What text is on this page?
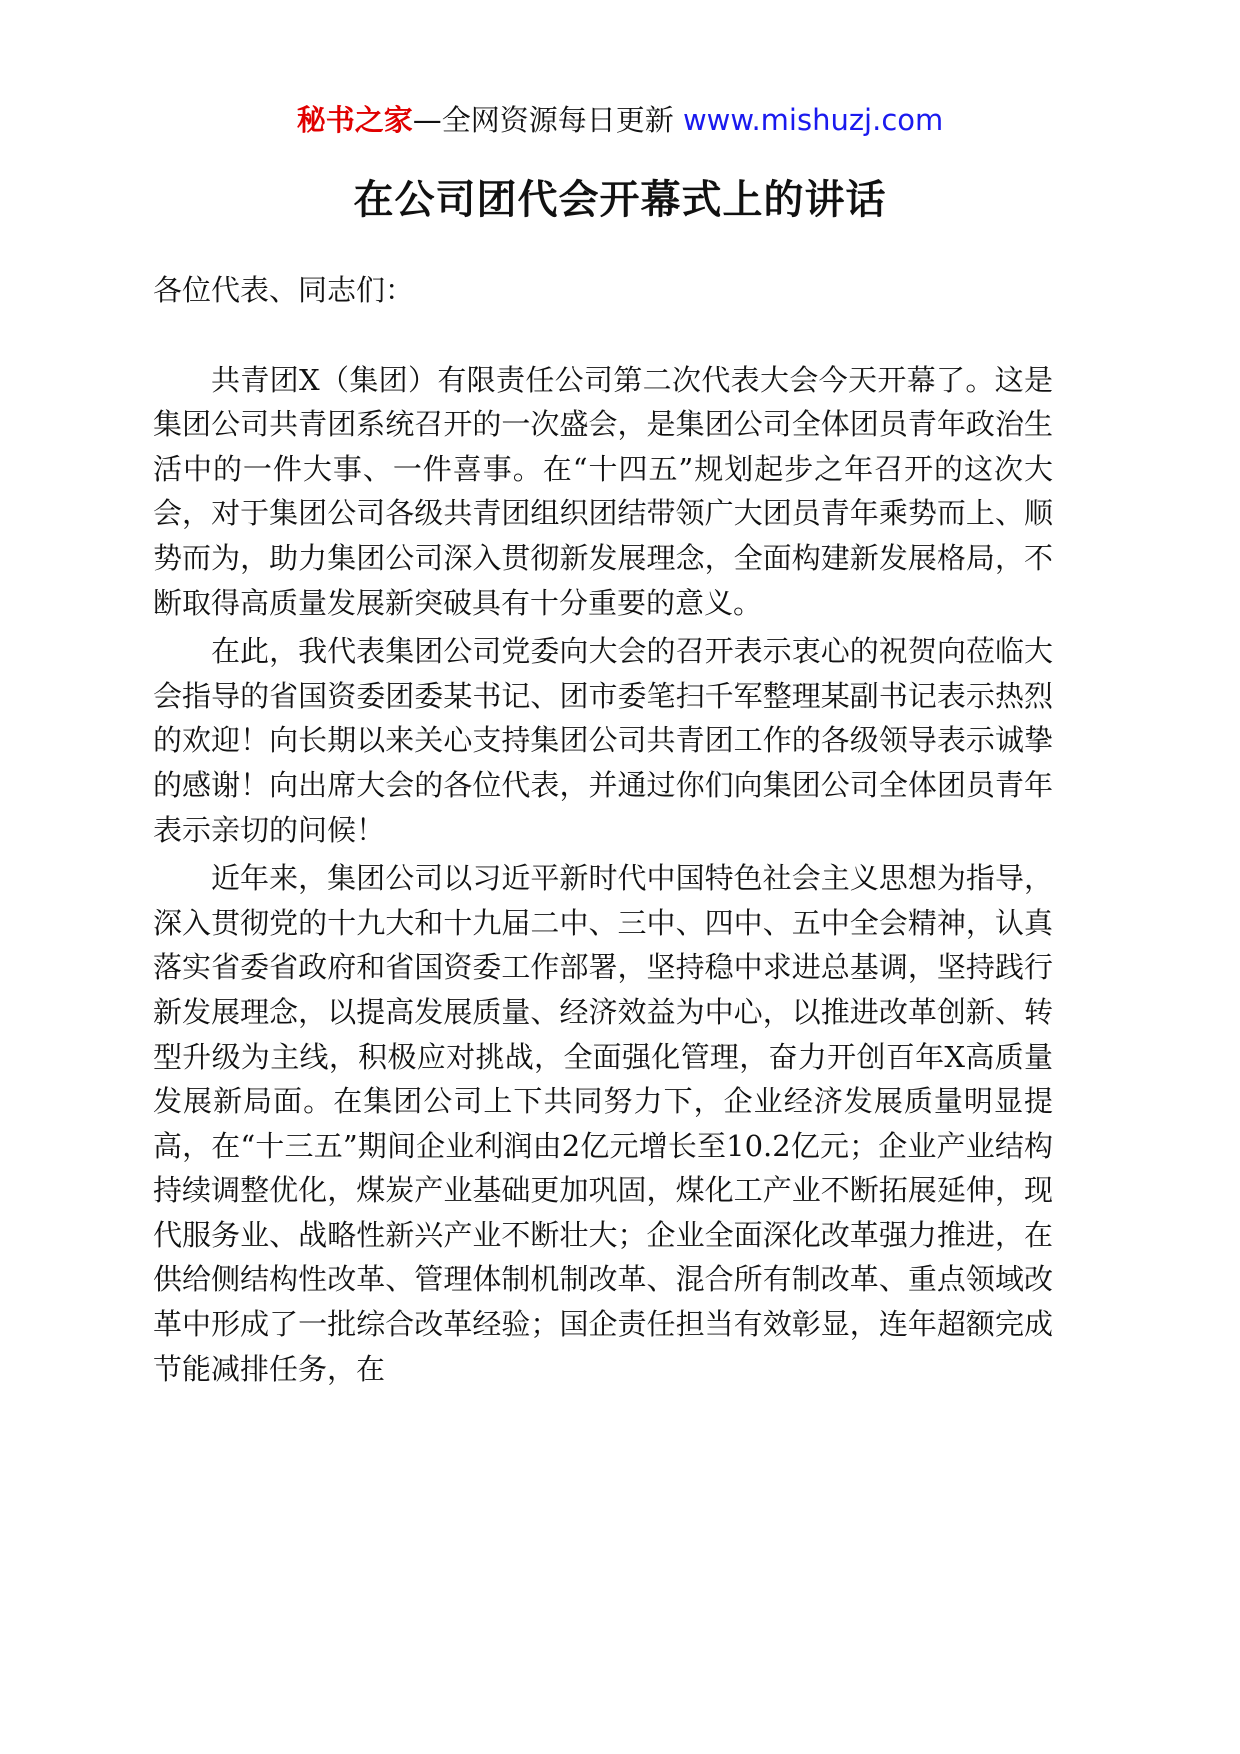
秘书之家—全网资源每日更新 www.mishuzj.com
在公司团代会开幕式上的讲话

各位代表、同志们：

共青团X（集团）有限责任公司第二次代表大会今天开幕了。这是集团公司共青团系统召开的一次盛会，是集团公司全体团员青年政治生活中的一件大事、一件喜事。在“十四五”规划起步之年召开的这次大会，对于集团公司各级共青团组织团结带领广大团员青年乘势而上、顺势而为，助力集团公司深入贯彻新发展理念，全面构建新发展格局，不断取得高质量发展新突破具有十分重要的意义。

在此，我代表集团公司党委向大会的召开表示衷心的祝贺向莅临大会指导的省国资委团委某书记、团市委笔扫千军整理某副书记表示热烈的欢迎！向长期以来关心支持集团公司共青团工作的各级领导表示诚挚的感谢！向出席大会的各位代表，并通过你们向集团公司全体团员青年表示亲切的问候！

近年来，集团公司以习近平新时代中国特色社会主义思想为指导，深入贯彻党的十九大和十九届二中、三中、四中、五中全会精神，认真落实省委省政府和省国资委工作部署，坚持稳中求进总基调，坚持践行新发展理念，以提高发展质量、经济效益为中心，以推进改革创新、转型升级为主线，积极应对挑战，全面强化管理，奋力开创百年X高质量发展新局面。在集团公司上下共同努力下，企业经济发展质量明显提高，在“十三五”期间企业利润由2亿元增长至10.2亿元；企业产业结构持续调整优化，煤炭产业基础更加巩固，煤化工产业不断拓展延伸，现代服务业、战略性新兴产业不断壮大；企业全面深化改革强力推进，在供给侧结构性改革、管理体制机制改革、混合所有制改革、重点领域改革中形成了一批综合改革经验；国企责任担当有效彰显，连年超额完成节能减排任务，在
